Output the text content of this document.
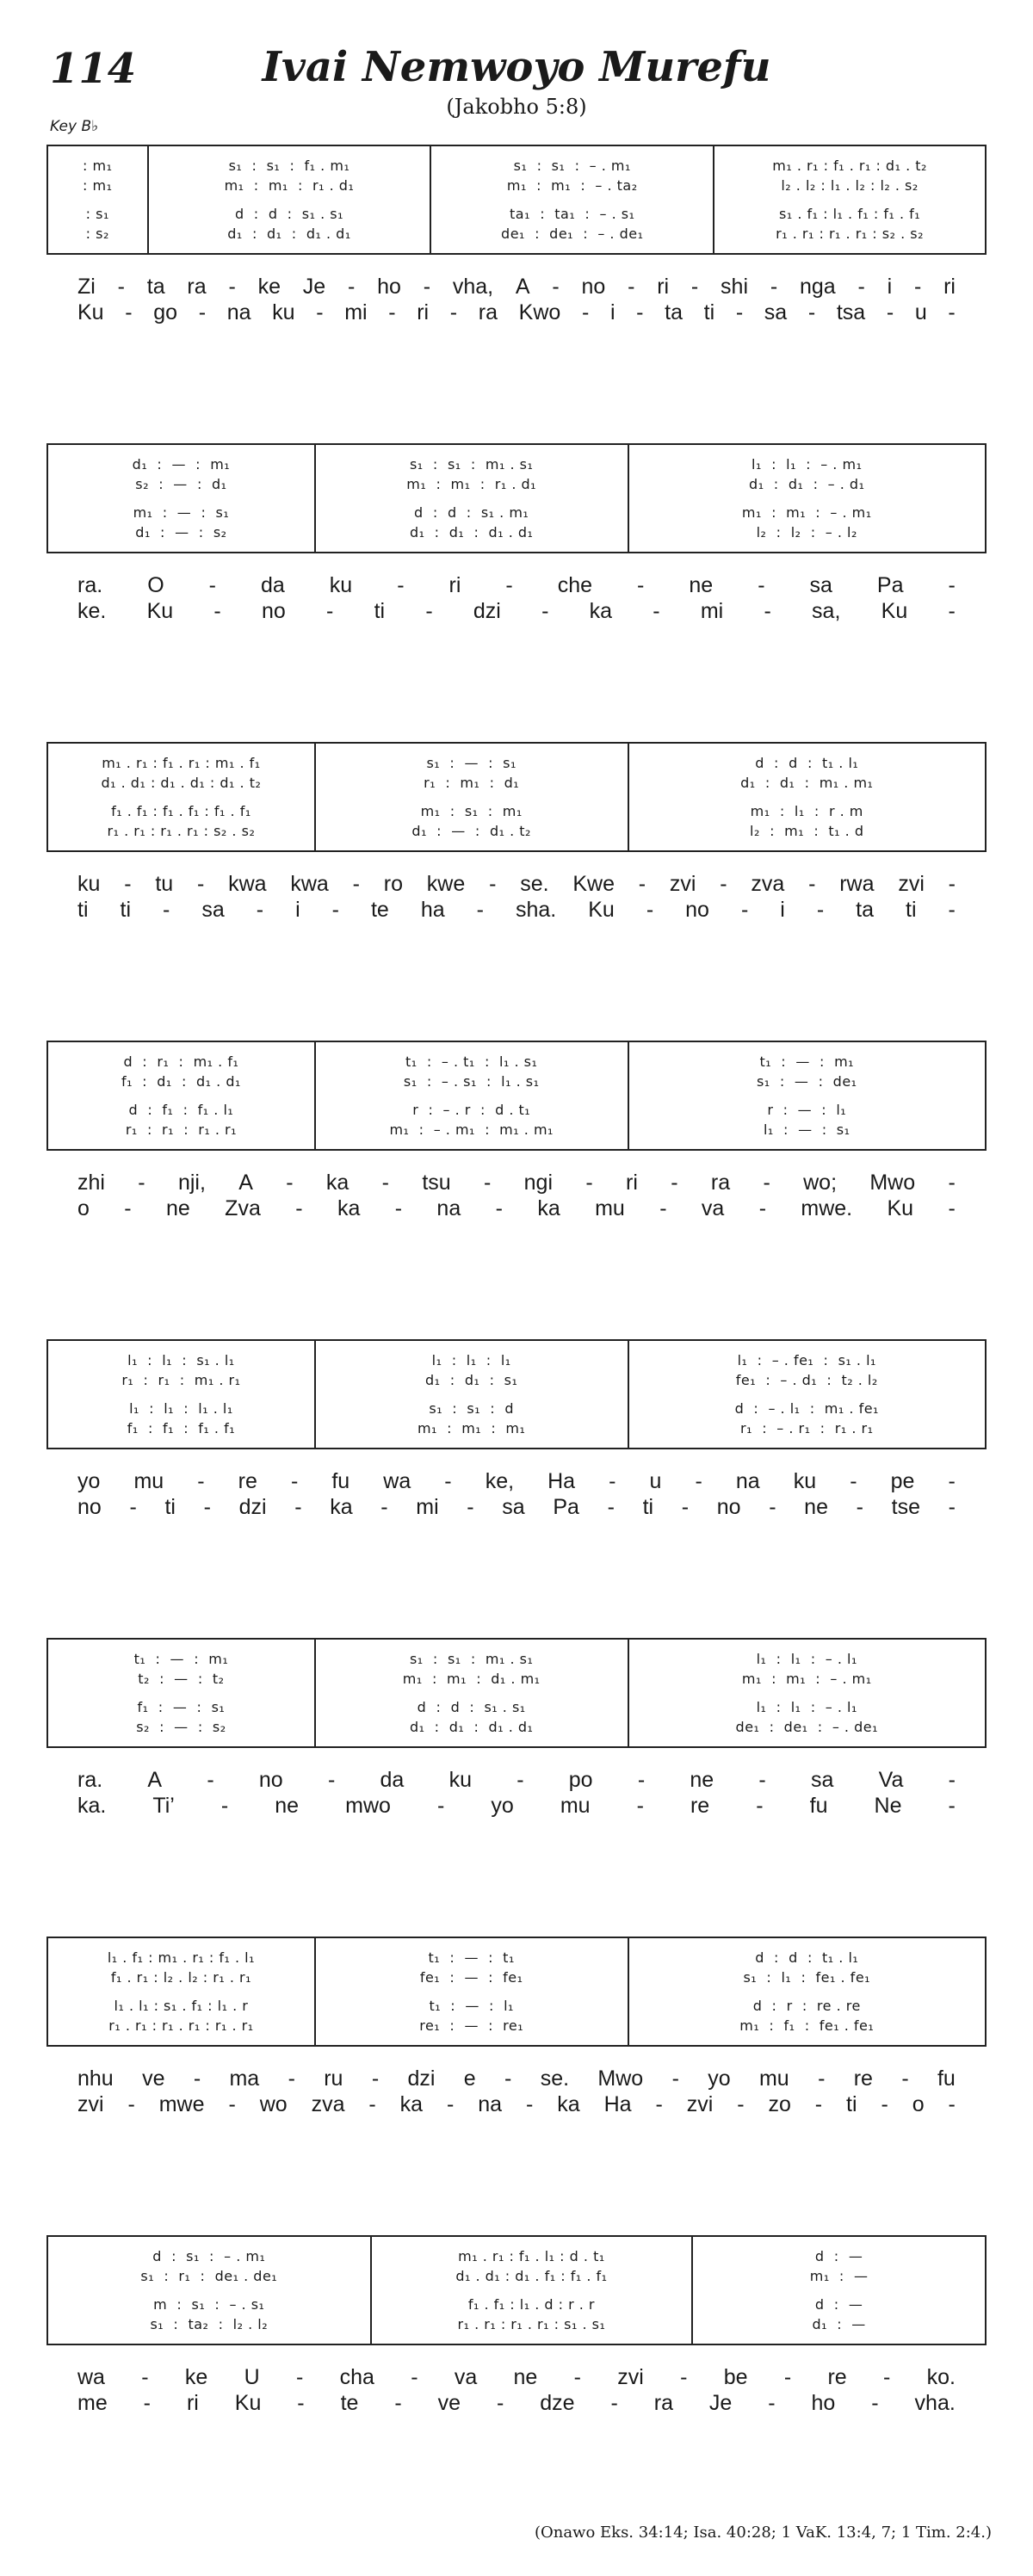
114	Ivai Nemwoyo Murefu
(Jakobho 5:8)
Key B♭
: m₁
: m₁
: s₁
: s₂
s₁  :  s₁  :  f₁ . m₁
m₁  :  m₁  :  r₁ . d₁
d  :  d  :  s₁ . s₁
d₁  :  d₁  :  d₁ . d₁
s₁  :  s₁  :  – . m₁
m₁  :  m₁  :  – . ta₂
ta₁  :  ta₁  :  – . s₁
de₁  :  de₁  :  – . de₁
m₁ . r₁ : f₁ . r₁ : d₁ . t₂
l₂ . l₂ : l₁ . l₂ : l₂ . s₂
s₁ . f₁ : l₁ . f₁ : f₁ . f₁
r₁ . r₁ : r₁ . r₁ : s₂ . s₂
Zi - ta ra - ke Je - ho - vha, A - no - ri - shi - nga - i - ri
Ku - go - na ku - mi - ri - ra Kwo - i - ta ti - sa - tsa - u -
d₁  :  —  :  m₁
s₂  :  —  :  d₁
m₁  :  —  :  s₁
d₁  :  —  :  s₂
s₁  :  s₁  :  m₁ . s₁
m₁  :  m₁  :  r₁ . d₁
d  :  d  :  s₁ . m₁
d₁  :  d₁  :  d₁ . d₁
l₁  :  l₁  :  – . m₁
d₁  :  d₁  :  – . d₁
m₁  :  m₁  :  – . m₁
l₂  :  l₂  :  – . l₂
ra. O - da ku - ri - che - ne - sa Pa -
ke. Ku - no - ti - dzi - ka - mi - sa, Ku -
m₁ . r₁ : f₁ . r₁ : m₁ . f₁
d₁ . d₁ : d₁ . d₁ : d₁ . t₂
f₁ . f₁ : f₁ . f₁ : f₁ . f₁
r₁ . r₁ : r₁ . r₁ : s₂ . s₂
s₁  :  —  :  s₁
r₁  :  m₁  :  d₁
m₁  :  s₁  :  m₁
d₁  :  —  :  d₁ . t₂
d  :  d  :  t₁ . l₁
d₁  :  d₁  :  m₁ . m₁
m₁  :  l₁  :  r . m
l₂  :  m₁  :  t₁ . d
ku - tu - kwa kwa - ro kwe - se. Kwe - zvi - zva - rwa zvi -
ti ti - sa - i - te ha - sha. Ku - no - i - ta ti -
d  :  r₁  :  m₁ . f₁
f₁  :  d₁  :  d₁ . d₁
d  :  f₁  :  f₁ . l₁
r₁  :  r₁  :  r₁ . r₁
t₁  :  – . t₁  :  l₁ . s₁
s₁  :  – . s₁  :  l₁ . s₁
r  :  – . r  :  d . t₁
m₁  :  – . m₁  :  m₁ . m₁
t₁  :  —  :  m₁
s₁  :  —  :  de₁
r  :  —  :  l₁
l₁  :  —  :  s₁
zhi - nji, A - ka - tsu - ngi - ri - ra - wo; Mwo -
o - ne Zva - ka - na - ka mu - va - mwe. Ku -
l₁  :  l₁  :  s₁ . l₁
r₁  :  r₁  :  m₁ . r₁
l₁  :  l₁  :  l₁ . l₁
f₁  :  f₁  :  f₁ . f₁
l₁  :  l₁  :  l₁
d₁  :  d₁  :  s₁
s₁  :  s₁  :  d
m₁  :  m₁  :  m₁
l₁  :  – . fe₁  :  s₁ . l₁
fe₁  :  – . d₁  :  t₂ . l₂
d  :  – . l₁  :  m₁ . fe₁
r₁  :  – . r₁  :  r₁ . r₁
yo mu - re - fu wa - ke, Ha - u - na ku - pe -
no - ti - dzi - ka - mi - sa Pa - ti - no - ne - tse -
t₁  :  —  :  m₁
t₂  :  —  :  t₂
f₁  :  —  :  s₁
s₂  :  —  :  s₂
s₁  :  s₁  :  m₁ . s₁
m₁  :  m₁  :  d₁ . m₁
d  :  d  :  s₁ . s₁
d₁  :  d₁  :  d₁ . d₁
l₁  :  l₁  :  – . l₁
m₁  :  m₁  :  – . m₁
l₁  :  l₁  :  – . l₁
de₁  :  de₁  :  – . de₁
ra. A - no - da ku - po - ne - sa Va -
ka. Ti’ - ne mwo - yo mu - re - fu Ne -
l₁ . f₁ : m₁ . r₁ : f₁ . l₁
f₁ . r₁ : l₂ . l₂ : r₁ . r₁
l₁ . l₁ : s₁ . f₁ : l₁ . r
r₁ . r₁ : r₁ . r₁ : r₁ . r₁
t₁  :  —  :  t₁
fe₁  :  —  :  fe₁
t₁  :  —  :  l₁
re₁  :  —  :  re₁
d  :  d  :  t₁ . l₁
s₁  :  l₁  :  fe₁ . fe₁
d  :  r  :  re . re
m₁  :  f₁  :  fe₁ . fe₁
nhu ve - ma - ru - dzi e - se. Mwo - yo mu - re - fu
zvi - mwe - wo zva - ka - na - ka Ha - zvi - zo - ti - o -
d  :  s₁  :  – . m₁
s₁  :  r₁  :  de₁ . de₁
m  :  s₁  :  – . s₁
s₁  :  ta₂  :  l₂ . l₂
m₁ . r₁ : f₁ . l₁ : d . t₁
d₁ . d₁ : d₁ . f₁ : f₁ . f₁
f₁ . f₁ : l₁ . d : r . r
r₁ . r₁ : r₁ . r₁ : s₁ . s₁
d  :  —
m₁  :  —
d  :  —
d₁  :  —
wa - ke U - cha - va ne - zvi - be - re - ko.
me - ri Ku - te - ve - dze - ra Je - ho - vha.
(Onawo Eks. 34:14; Isa. 40:28; 1 VaK. 13:4, 7; 1 Tim. 2:4.)
